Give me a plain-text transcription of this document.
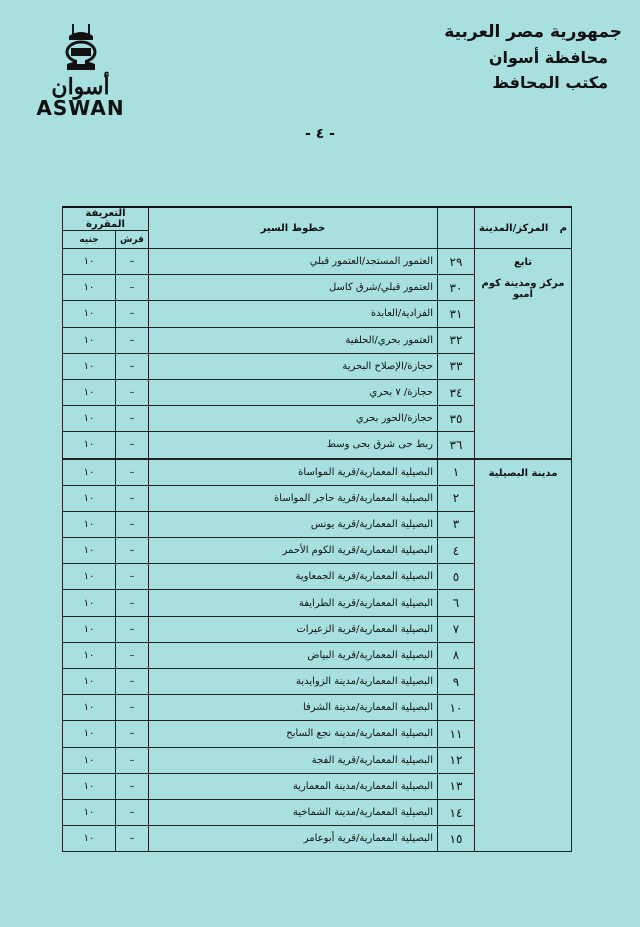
جمهورية مصر العربية
محافظة أسوان
مكتب المحافظ
أسوان
ASWAN
- ٤ -
م
المركز/المدينة		خطوط السير	التعريفة المقررة	
			قرش	جنيه

تابع
مركز ومدينة كوم امبو	٢٩	العتمور المستجد/العتمور قبلي	–	١٠
	٣٠	العتمور قبلي/شرق كاسل	–	١٠
	٣١	الفزادية/العابدة	–	١٠
	٣٢	العتمور بحري/الحلفية	–	١٠
	٣٣	حجازة/الإصلاح البحرية	–	١٠
	٣٤	حجازة/ ٧ بحري	–	١٠
	٣٥	حجازة/الحور بحري	–	١٠
	٣٦	ربط حى شرق بحى وسط	–	١٠

مدينة البصيلية	١	البصيلية المعمارية/قرية المواساة	–	١٠
	٢	البصيلية المعمارية/قرية حاجر المواساة	–	١٠
	٣	البصيلية المعمارية/قرية يونس	–	١٠
	٤	البصيلية المعمارية/قرية الكوم الأحمر	–	١٠
	٥	البصيلية المعمارية/قرية الجمعاوية	–	١٠
	٦	البصيلية المعمارية/قرية الطرايفة	–	١٠
	٧	البصيلية المعمارية/قرية الزعيرات	–	١٠
	٨	البصيلية المعمارية/قرية البياض	–	١٠
	٩	البصيلية المعمارية/مدينة الزوايدية	–	١٠
	١٠	البصيلية المعمارية/مدينة الشرفا	–	١٠
	١١	البصيلية المعمارية/مدينة نجع السابح	–	١٠
	١٢	البصيلية المعمارية/قرية الفجة	–	١٠
	١٣	البصيلية المعمارية/مدينة المعمارية	–	١٠
	١٤	البصيلية المعمارية/مدينة الشماخية	–	١٠
	١٥	البصيلية المعمارية/قرية أبوعامر	–	١٠
